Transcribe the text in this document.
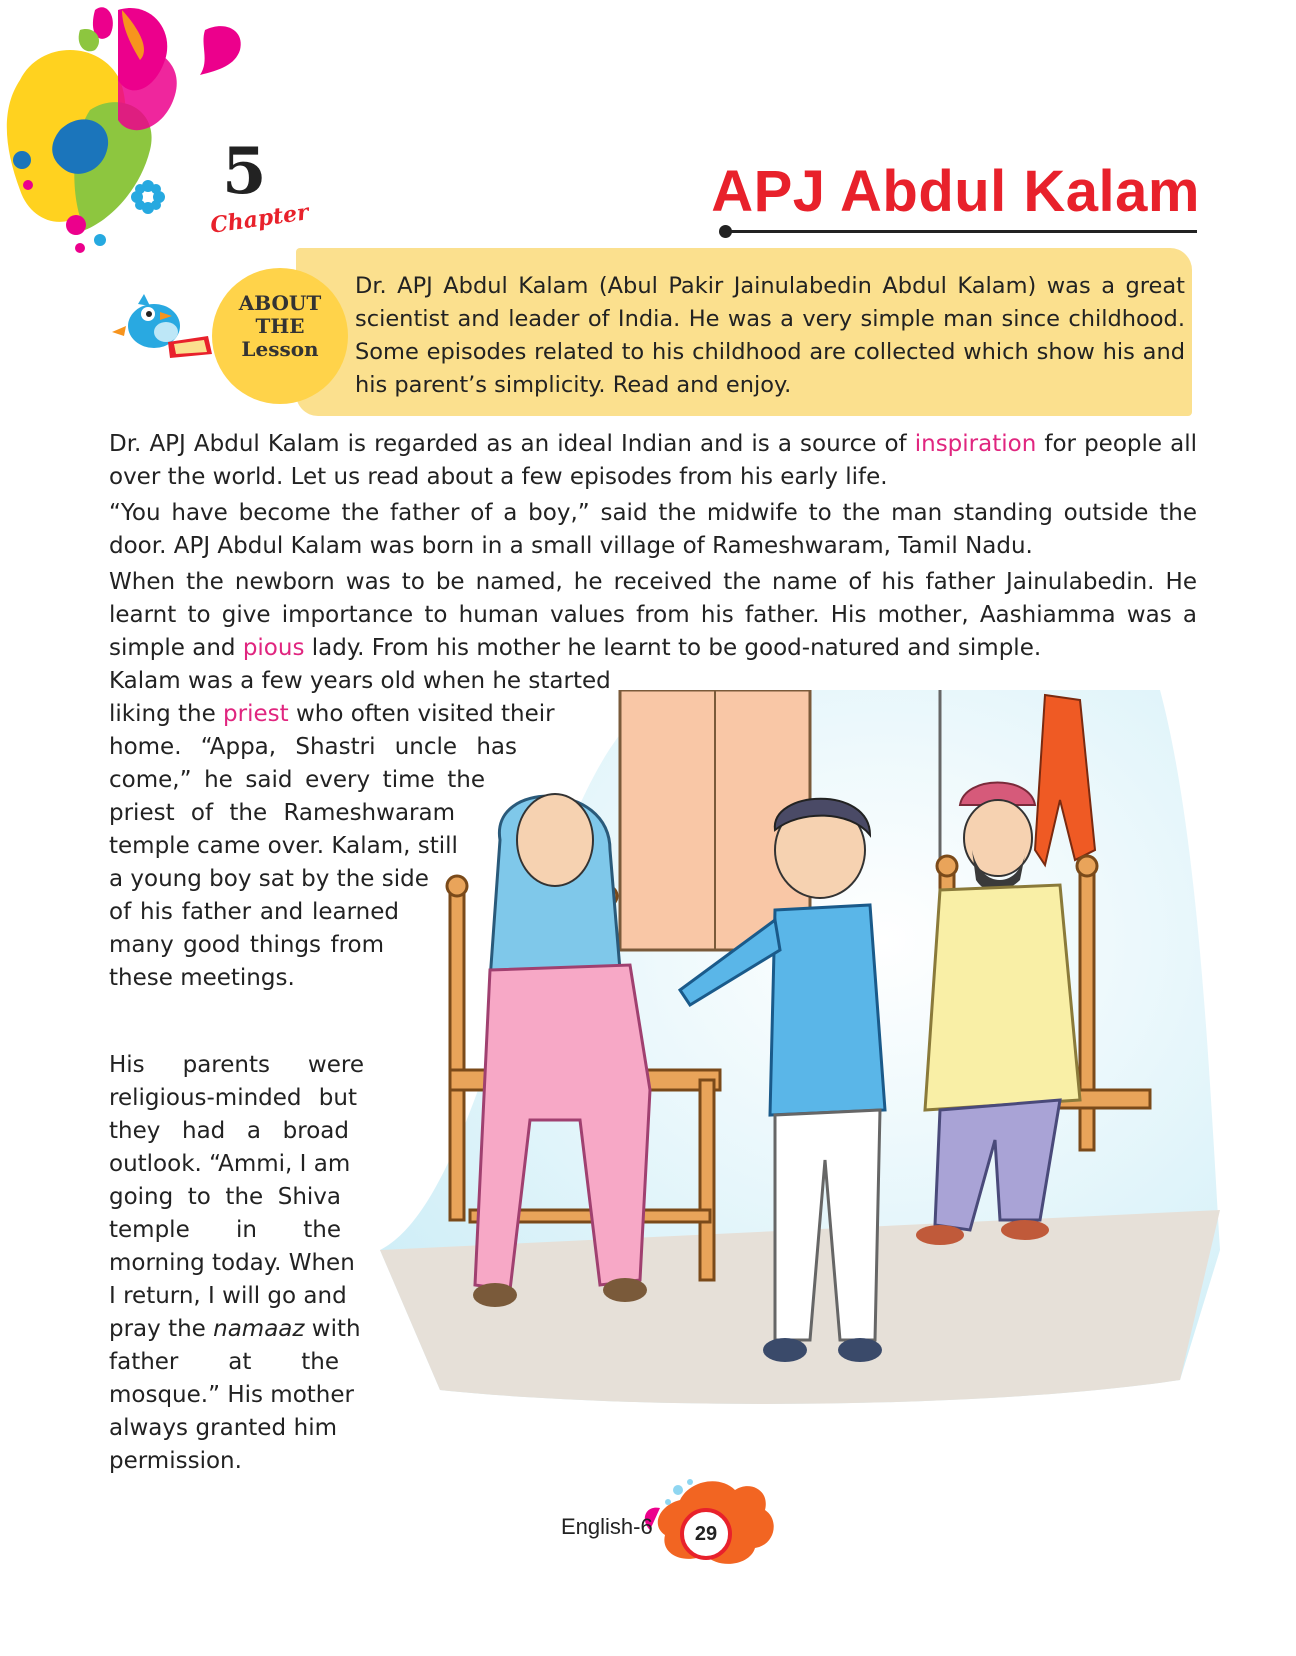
5
Chapter	APJ Abdul Kalam
ABOUT
THE
Lesson
Dr. APJ Abdul Kalam (Abul Pakir Jainulabedin Abdul Kalam) was a great scientist and leader of India. He was a very simple man since childhood. Some episodes related to his childhood are collected which show his and his parent’s simplicity. Read and enjoy.

Dr. APJ Abdul Kalam is regarded as an ideal Indian and is a source of inspiration for people all over the world. Let us read about a few episodes from his early life.

“You have become the father of a boy,” said the midwife to the man standing outside the door. APJ Abdul Kalam was born in a small village of Rameshwaram, Tamil Nadu.

When the newborn was to be named, he received the name of his father Jainulabedin. He learnt to give importance to human values from his father. His mother, Aashiamma was a simple and pious lady. From his mother he learnt to be good-natured and simple.

Kalam was a few years old when he started
liking the priest who often visited their
home. “Appa, Shastri uncle has
come,” he said every time the
priest of the Rameshwaram
temple came over. Kalam, still
a young boy sat by the side
of his father and learned
many good things from
these meetings.
His parents were
religious-minded but
they had a broad
outlook. “Ammi, I am
going to the Shiva
temple in the
morning today. When
I return, I will go and
pray the namaaz with
father at the
mosque.” His mother
always granted him
permission.
English-6	29
